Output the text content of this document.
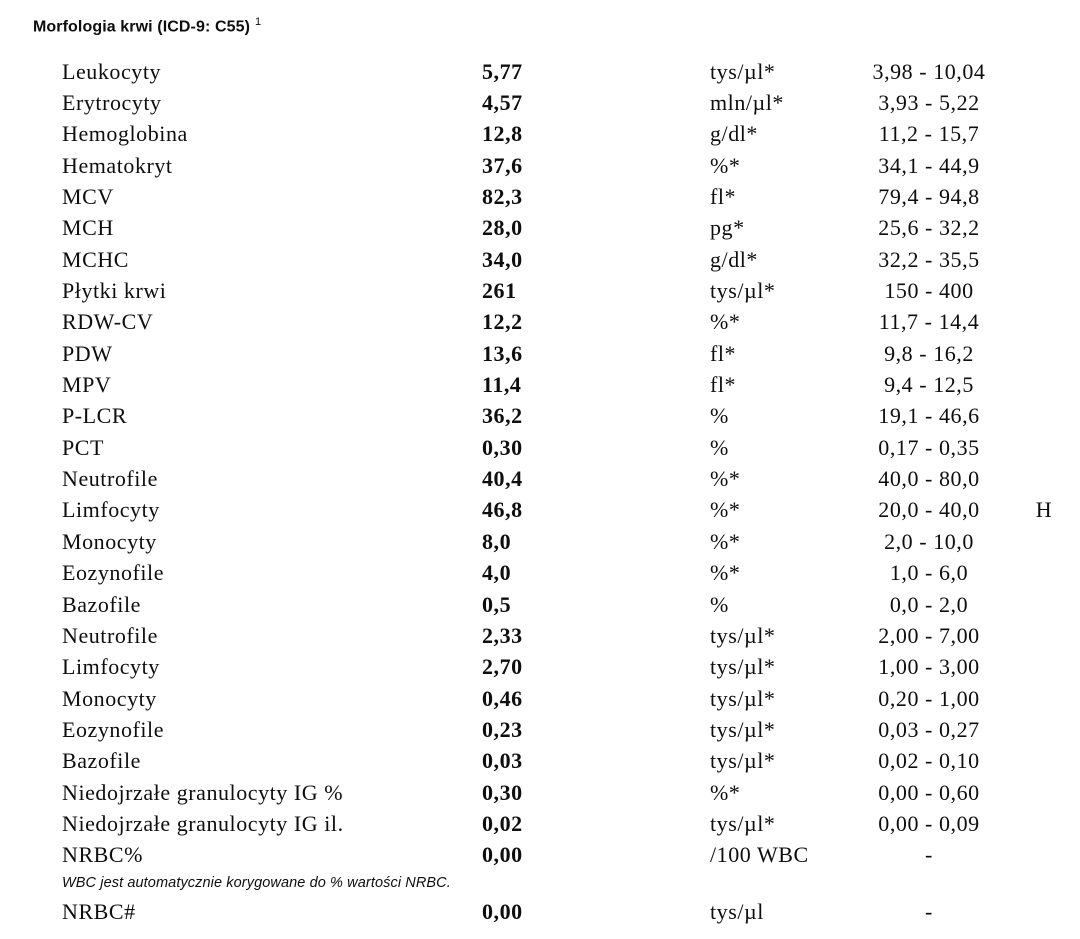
Morfologia krwi (ICD-9: C55) $^1$
Leukocyty	5,77	tys/µl*	3,98 - 10,04
Erytrocyty	4,57	mln/µl*	3,93 - 5,22
Hemoglobina	12,8	g/dl*	11,2 - 15,7
Hematokryt	37,6	%*	34,1 - 44,9
MCV	82,3	fl*	79,4 - 94,8
MCH	28,0	pg*	25,6 - 32,2
MCHC	34,0	g/dl*	32,2 - 35,5
Płytki krwi	261	tys/µl*	150 - 400
RDW-CV	12,2	%*	11,7 - 14,4
PDW	13,6	fl*	9,8 - 16,2
MPV	11,4	fl*	9,4 - 12,5
P-LCR	36,2	%	19,1 - 46,6
PCT	0,30	%	0,17 - 0,35
Neutrofile	40,4	%*	40,0 - 80,0
Limfocyty	46,8	%*	20,0 - 40,0	H
Monocyty	8,0	%*	2,0 - 10,0
Eozynofile	4,0	%*	1,0 - 6,0
Bazofile	0,5	%	0,0 - 2,0
Neutrofile	2,33	tys/µl*	2,00 - 7,00
Limfocyty	2,70	tys/µl*	1,00 - 3,00
Monocyty	0,46	tys/µl*	0,20 - 1,00
Eozynofile	0,23	tys/µl*	0,03 - 0,27
Bazofile	0,03	tys/µl*	0,02 - 0,10
Niedojrzałe granulocyty IG %	0,30	%*	0,00 - 0,60
Niedojrzałe granulocyty IG il.	0,02	tys/µl*	0,00 - 0,09
NRBC%	0,00	/100 WBC	-
WBC jest automatycznie korygowane do % wartości NRBC.
NRBC#	0,00	tys/µl	-
